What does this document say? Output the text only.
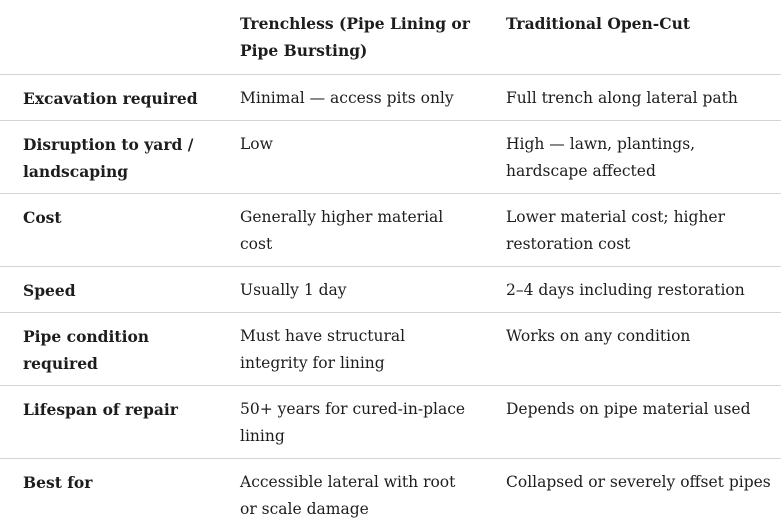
	Trenchless (Pipe Lining or Pipe Bursting)	Traditional Open-Cut
Excavation required	Minimal — access pits only	Full trench along lateral path
Disruption to yard / landscaping	Low	High — lawn, plantings, hardscape affected
Cost	Generally higher material cost	Lower material cost; higher restoration cost
Speed	Usually 1 day	2–4 days including restoration
Pipe condition required	Must have structural integrity for lining	Works on any condition
Lifespan of repair	50+ years for cured-in-place lining	Depends on pipe material used
Best for	Accessible lateral with root or scale damage	Collapsed or severely offset pipes
